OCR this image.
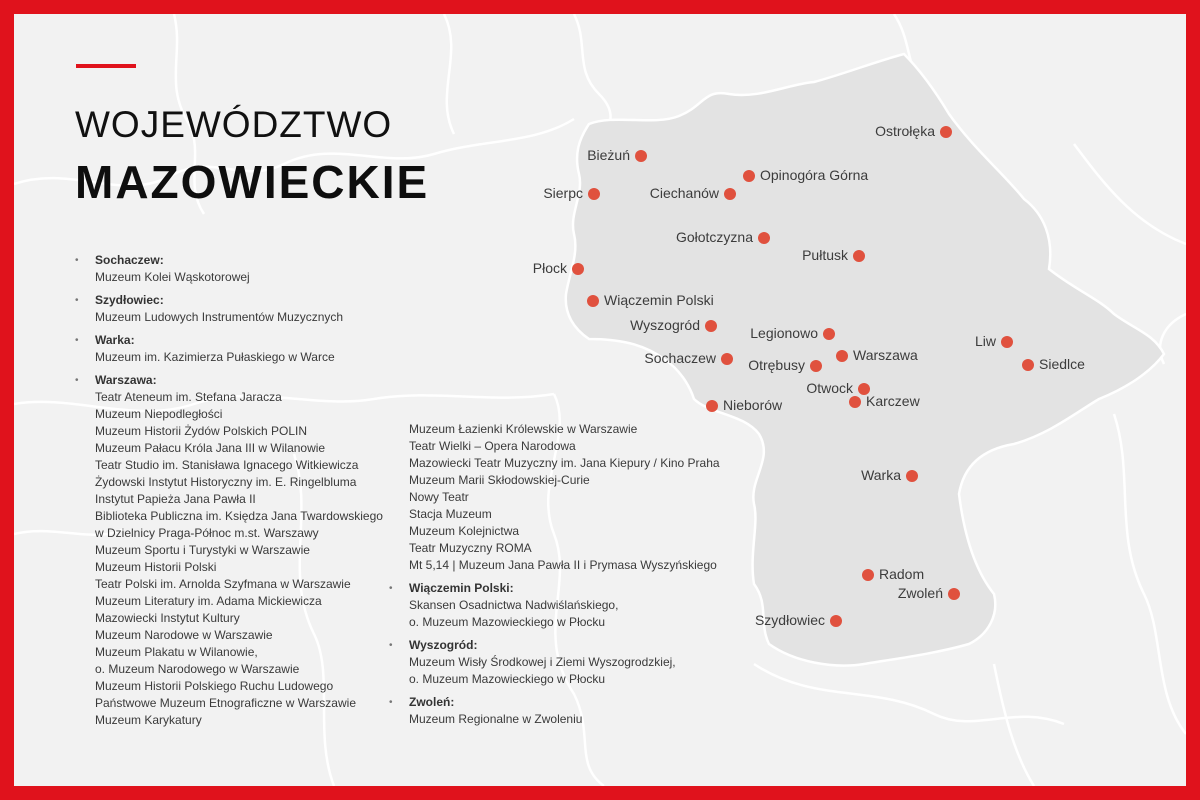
WOJEWÓDZTWO
MAZOWIECKIE
Ostrołęka
Bieżuń
Opinogóra Górna
Sierpc	Ciechanów
Gołotczyzna
Pułtusk
Płock
Wiączemin Polski
Wyszogród	Legionowo	Liw
Sochaczew Otrębusy
Warszawa
Siedlce
Otwock
Nieborów	Karczew
Warka
Radom
Zwoleń
Szydłowiec
• Sochaczew:
Muzeum Kolei Wąskotorowej
• Szydłowiec:
Muzeum Ludowych Instrumentów Muzycznych
• Warka:
Muzeum im. Kazimierza Pułaskiego w Warce
• Warszawa:
Teatr Ateneum im. Stefana Jaracza
Muzeum Niepodległości
Muzeum Historii Żydów Polskich POLIN
Muzeum Pałacu Króla Jana III w Wilanowie
Teatr Studio im. Stanisława Ignacego Witkiewicza
Żydowski Instytut Historyczny im. E. Ringelbluma
Instytut Papieża Jana Pawła II
Biblioteka Publiczna im. Księdza Jana Twardowskiego
w Dzielnicy Praga-Północ m.st. Warszawy
Muzeum Sportu i Turystyki w Warszawie
Muzeum Historii Polski
Teatr Polski im. Arnolda Szyfmana w Warszawie
Muzeum Literatury im. Adama Mickiewicza
Mazowiecki Instytut Kultury
Muzeum Narodowe w Warszawie
Muzeum Plakatu w Wilanowie,
o. Muzeum Narodowego w Warszawie
Muzeum Historii Polskiego Ruchu Ludowego
Państwowe Muzeum Etnograficzne w Warszawie
Muzeum Karykatury
Muzeum Łazienki Królewskie w Warszawie
Teatr Wielki – Opera Narodowa
Mazowiecki Teatr Muzyczny im. Jana Kiepury / Kino Praha
Muzeum Marii Skłodowskiej-Curie
Nowy Teatr
Stacja Muzeum
Muzeum Kolejnictwa
Teatr Muzyczny ROMA
Mt 5,14 | Muzeum Jana Pawła II i Prymasa Wyszyńskiego
• Wiączemin Polski:
Skansen Osadnictwa Nadwiślańskiego,
o. Muzeum Mazowieckiego w Płocku
• Wyszogród:
Muzeum Wisły Środkowej i Ziemi Wyszogrodzkiej,
o. Muzeum Mazowieckiego w Płocku
• Zwoleń:
Muzeum Regionalne w Zwoleniu
